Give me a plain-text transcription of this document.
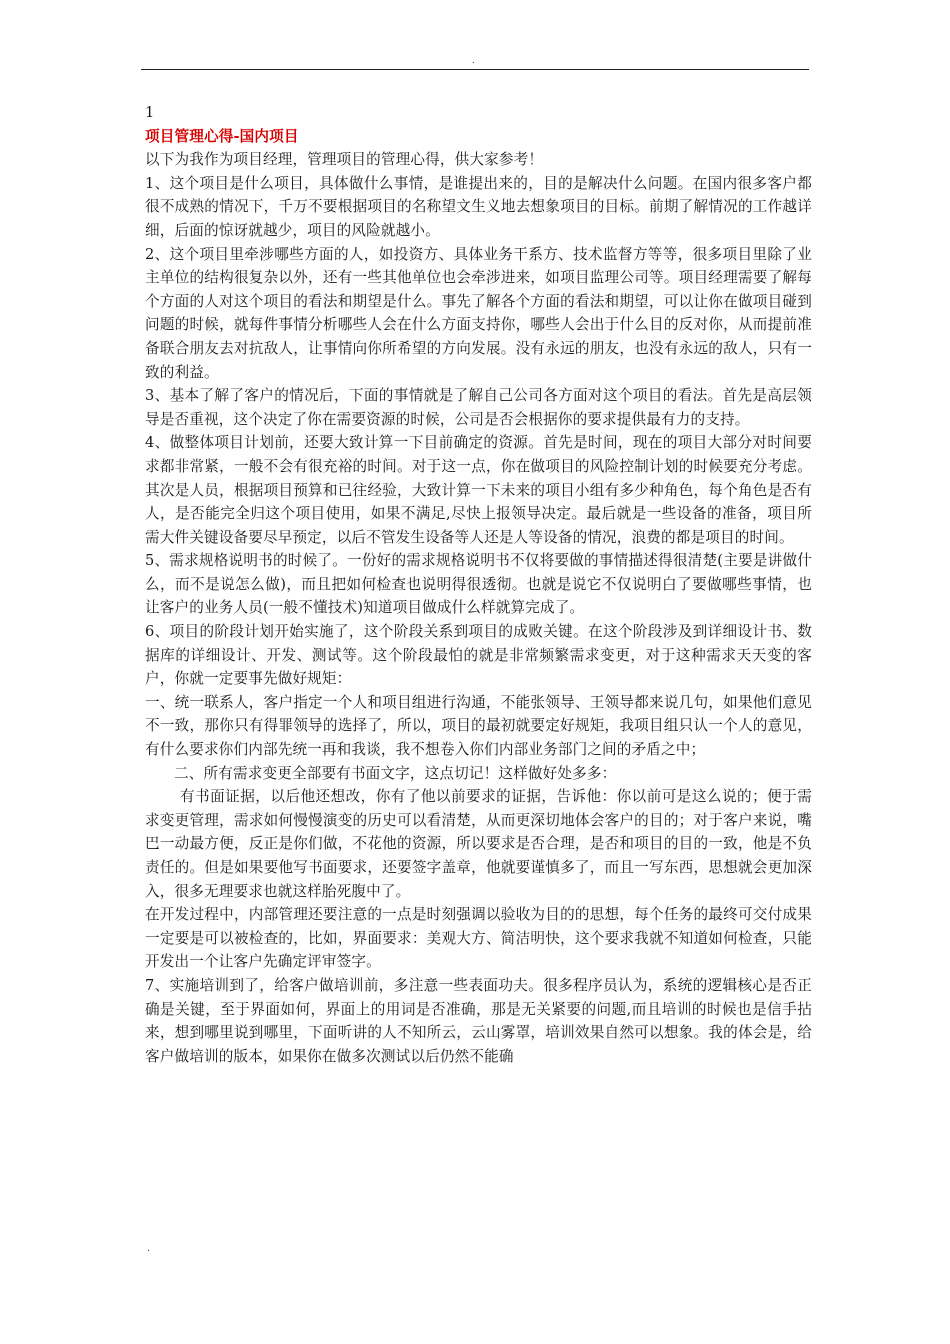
.

1

项目管理心得-国内项目

以下为我作为项目经理，管理项目的管理心得，供大家参考！

1、这个项目是什么项目，具体做什么事情，是谁提出来的，目的是解决什么问题。在国内很多客户都很不成熟的情况下，千万不要根据项目的名称望文生义地去想象项目的目标。前期了解情况的工作越详细，后面的惊讶就越少，项目的风险就越小。

2、这个项目里牵涉哪些方面的人，如投资方、具体业务干系方、技术监督方等等，很多项目里除了业主单位的结构很复杂以外，还有一些其他单位也会牵涉进来，如项目监理公司等。项目经理需要了解每个方面的人对这个项目的看法和期望是什么。事先了解各个方面的看法和期望，可以让你在做项目碰到问题的时候，就每件事情分析哪些人会在什么方面支持你，哪些人会出于什么目的反对你，从而提前准备联合朋友去对抗敌人，让事情向你所希望的方向发展。没有永远的朋友，也没有永远的敌人，只有一致的利益。

3、基本了解了客户的情况后，下面的事情就是了解自己公司各方面对这个项目的看法。首先是高层领导是否重视，这个决定了你在需要资源的时候，公司是否会根据你的要求提供最有力的支持。

4、做整体项目计划前，还要大致计算一下目前确定的资源。首先是时间，现在的项目大部分对时间要求都非常紧，一般不会有很充裕的时间。对于这一点，你在做项目的风险控制计划的时候要充分考虑。其次是人员，根据项目预算和已往经验，大致计算一下未来的项目小组有多少种角色，每个角色是否有人，是否能完全归这个项目使用，如果不满足,尽快上报领导决定。最后就是一些设备的准备，项目所需大件关键设备要尽早预定，以后不管发生设备等人还是人等设备的情况，浪费的都是项目的时间。

5、需求规格说明书的时候了。一份好的需求规格说明书不仅将要做的事情描述得很清楚(主要是讲做什么，而不是说怎么做)，而且把如何检查也说明得很透彻。也就是说它不仅说明白了要做哪些事情，也让客户的业务人员(一般不懂技术)知道项目做成什么样就算完成了。

6、项目的阶段计划开始实施了，这个阶段关系到项目的成败关键。在这个阶段涉及到详细设计书、数据库的详细设计、开发、测试等。这个阶段最怕的就是非常频繁需求变更，对于这种需求天天变的客户，你就一定要事先做好规矩：

一、统一联系人，客户指定一个人和项目组进行沟通，不能张领导、王领导都来说几句，如果他们意见不一致，那你只有得罪领导的选择了，所以，项目的最初就要定好规矩，我项目组只认一个人的意见，有什么要求你们内部先统一再和我谈，我不想卷入你们内部业务部门之间的矛盾之中；

二、所有需求变更全部要有书面文字，这点切记！这样做好处多多：

有书面证据，以后他还想改，你有了他以前要求的证据，告诉他：你以前可是这么说的；便于需求变更管理，需求如何慢慢演变的历史可以看清楚，从而更深切地体会客户的目的；对于客户来说，嘴巴一动最方便，反正是你们做，不花他的资源，所以要求是否合理，是否和项目的目的一致，他是不负责任的。但是如果要他写书面要求，还要签字盖章，他就要谨慎多了，而且一写东西，思想就会更加深入，很多无理要求也就这样胎死腹中了。

在开发过程中，内部管理还要注意的一点是时刻强调以验收为目的的思想，每个任务的最终可交付成果一定要是可以被检查的，比如，界面要求：美观大方、简洁明快，这个要求我就不知道如何检查，只能开发出一个让客户先确定评审签字。

7、实施培训到了，给客户做培训前，多注意一些表面功夫。很多程序员认为，系统的逻辑核心是否正确是关键，至于界面如何，界面上的用词是否准确，那是无关紧要的问题,而且培训的时候也是信手拈来，想到哪里说到哪里，下面听讲的人不知所云，云山雾罩，培训效果自然可以想象。我的体会是，给客户做培训的版本，如果你在做多次测试以后仍然不能确

.
